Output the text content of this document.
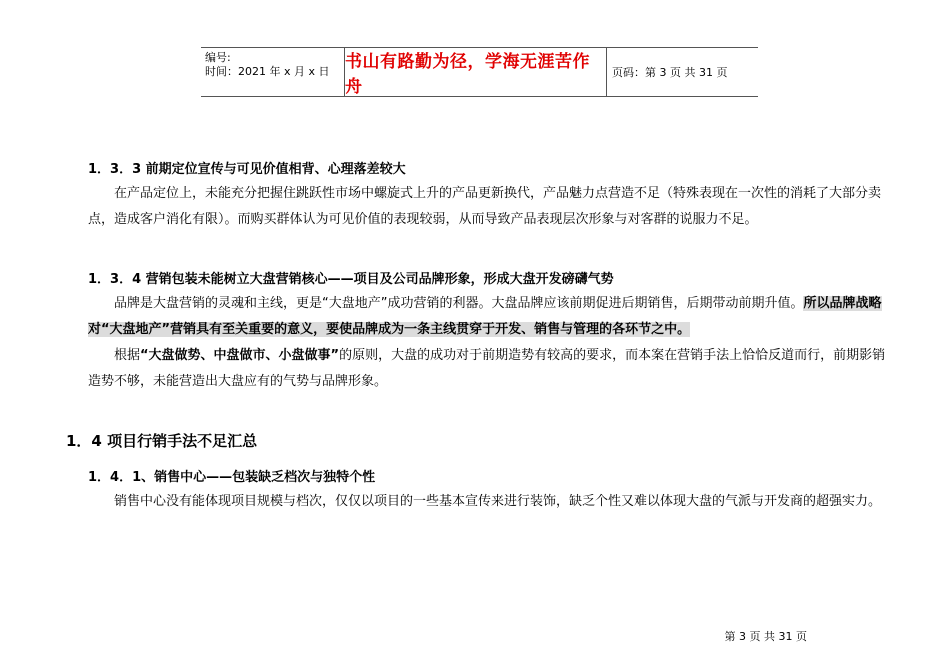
编号:
时间：2021 年 x 月 x 日 书山有路勤为径，学海无涯苦作舟
页码：第 3 页 共 31 页
1．3．3 前期定位宣传与可见价值相背、心理落差较大
在产品定位上，未能充分把握住跳跃性市场中螺旋式上升的产品更新换代，产品魅力点营造不足（特殊表现在一次性的消耗了大部分卖点，造成客户消化有限）。而购买群体认为可见价值的表现较弱，从而导致产品表现层次形象与对客群的说服力不足。
1．3．4 营销包装未能树立大盘营销核心——项目及公司品牌形象，形成大盘开发磅礴气势
品牌是大盘营销的灵魂和主线，更是“大盘地产”成功营销的利器。大盘品牌应该前期促进后期销售，后期带动前期升值。所以品牌战略对“大盘地产”营销具有至关重要的意义，要使品牌成为一条主线贯穿于开发、销售与管理的各环节之中。
根据“大盘做势、中盘做市、小盘做事”的原则，大盘的成功对于前期造势有较高的要求，而本案在营销手法上恰恰反道而行，前期影销造势不够，未能营造出大盘应有的气势与品牌形象。
1．4 项目行销手法不足汇总
1．4．1、销售中心——包装缺乏档次与独特个性
销售中心没有能体现项目规模与档次，仅仅以项目的一些基本宣传来进行装饰，缺乏个性又难以体现大盘的气派与开发商的超强实力。
第 3 页 共 31 页
